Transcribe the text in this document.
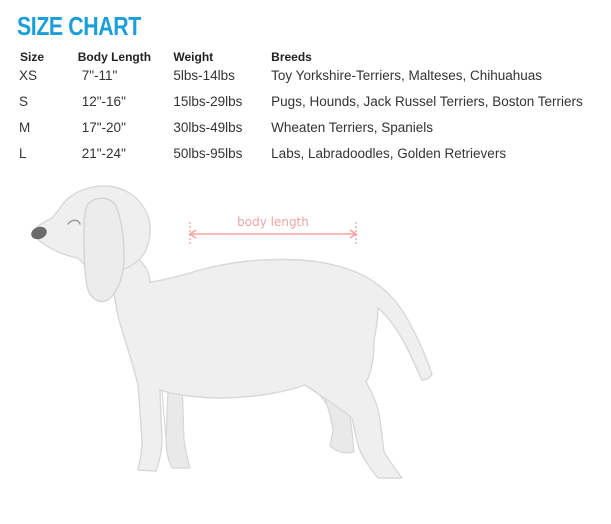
SIZE CHART
Size	Body Length	Weight	Breeds
XS	7"-11"	5lbs-14lbs	Toy Yorkshire-Terriers, Malteses, Chihuahuas
S	12"-16"	15lbs-29lbs	Pugs, Hounds, Jack Russel Terriers, Boston Terriers
M	17"-20"	30lbs-49lbs	Wheaten Terriers, Spaniels
L	21"-24"	50lbs-95lbs	Labs, Labradoodles, Golden Retrievers
body length
